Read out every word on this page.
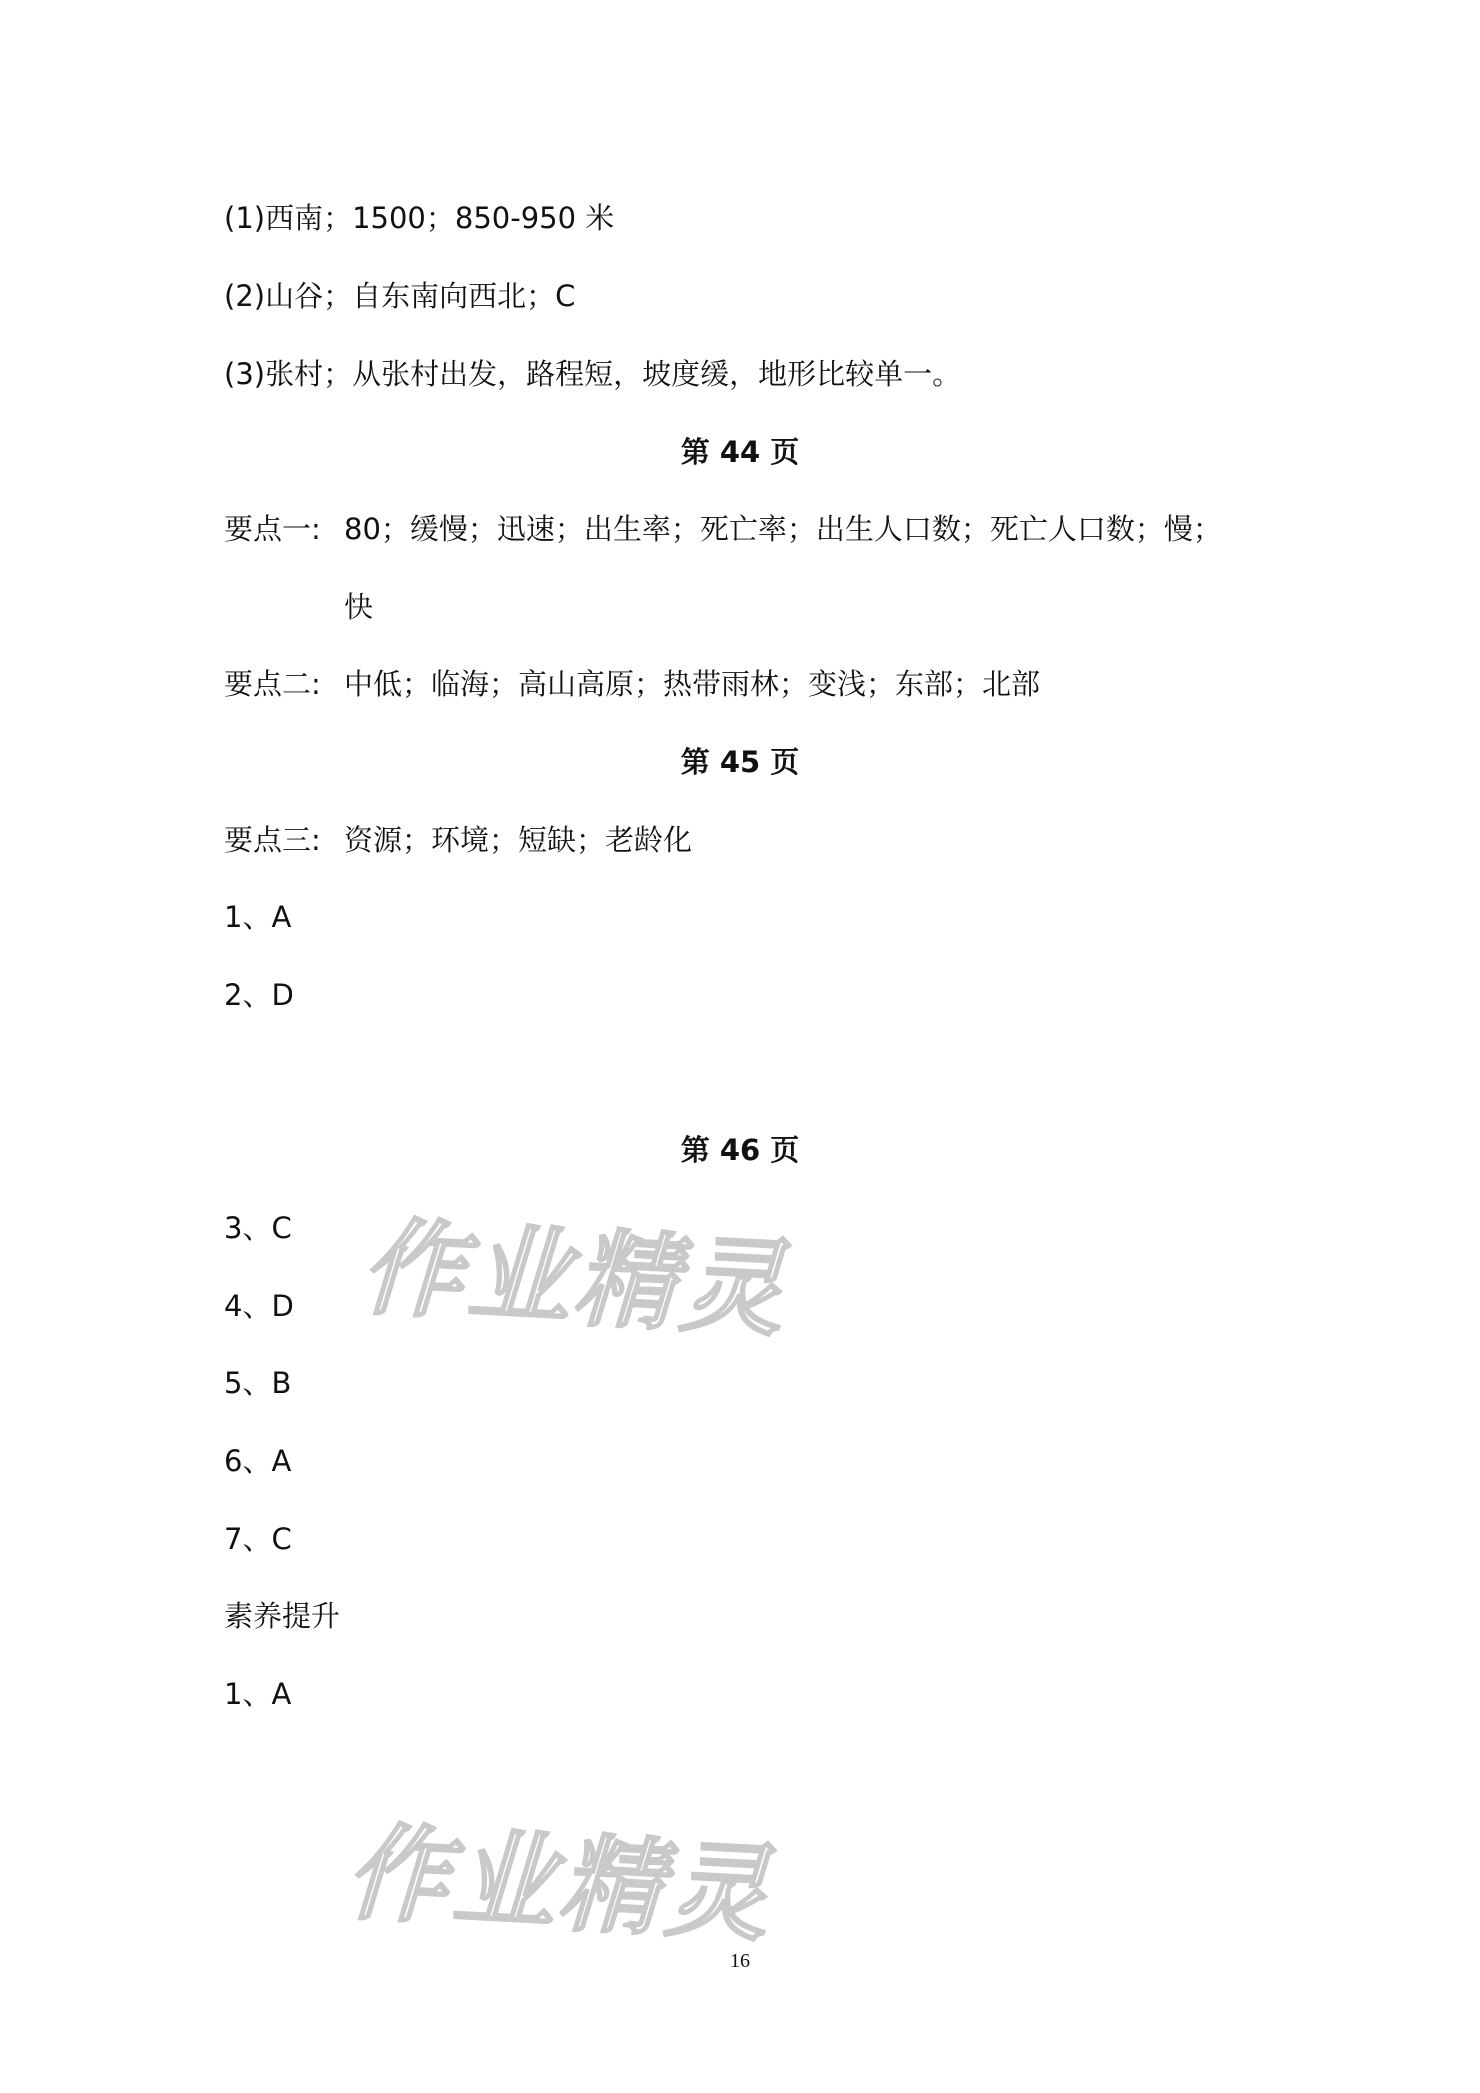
(1)西南；1500；850-950 米
(2)山谷；自东南向西北；C
(3)张村；从张村出发，路程短，坡度缓，地形比较单一。
第 44 页
要点一: 80；缓慢；迅速；出生率；死亡率；出生人口数；死亡人口数；慢；
快
要点二: 中低；临海；高山高原；热带雨林；变浅；东部；北部
第 45 页
要点三: 资源；环境；短缺；老龄化
1、A
2、D
第 46 页
3、C
4、D
5、B
6、A
7、C
素养提升
1、A
作业精灵
作业精灵
16
